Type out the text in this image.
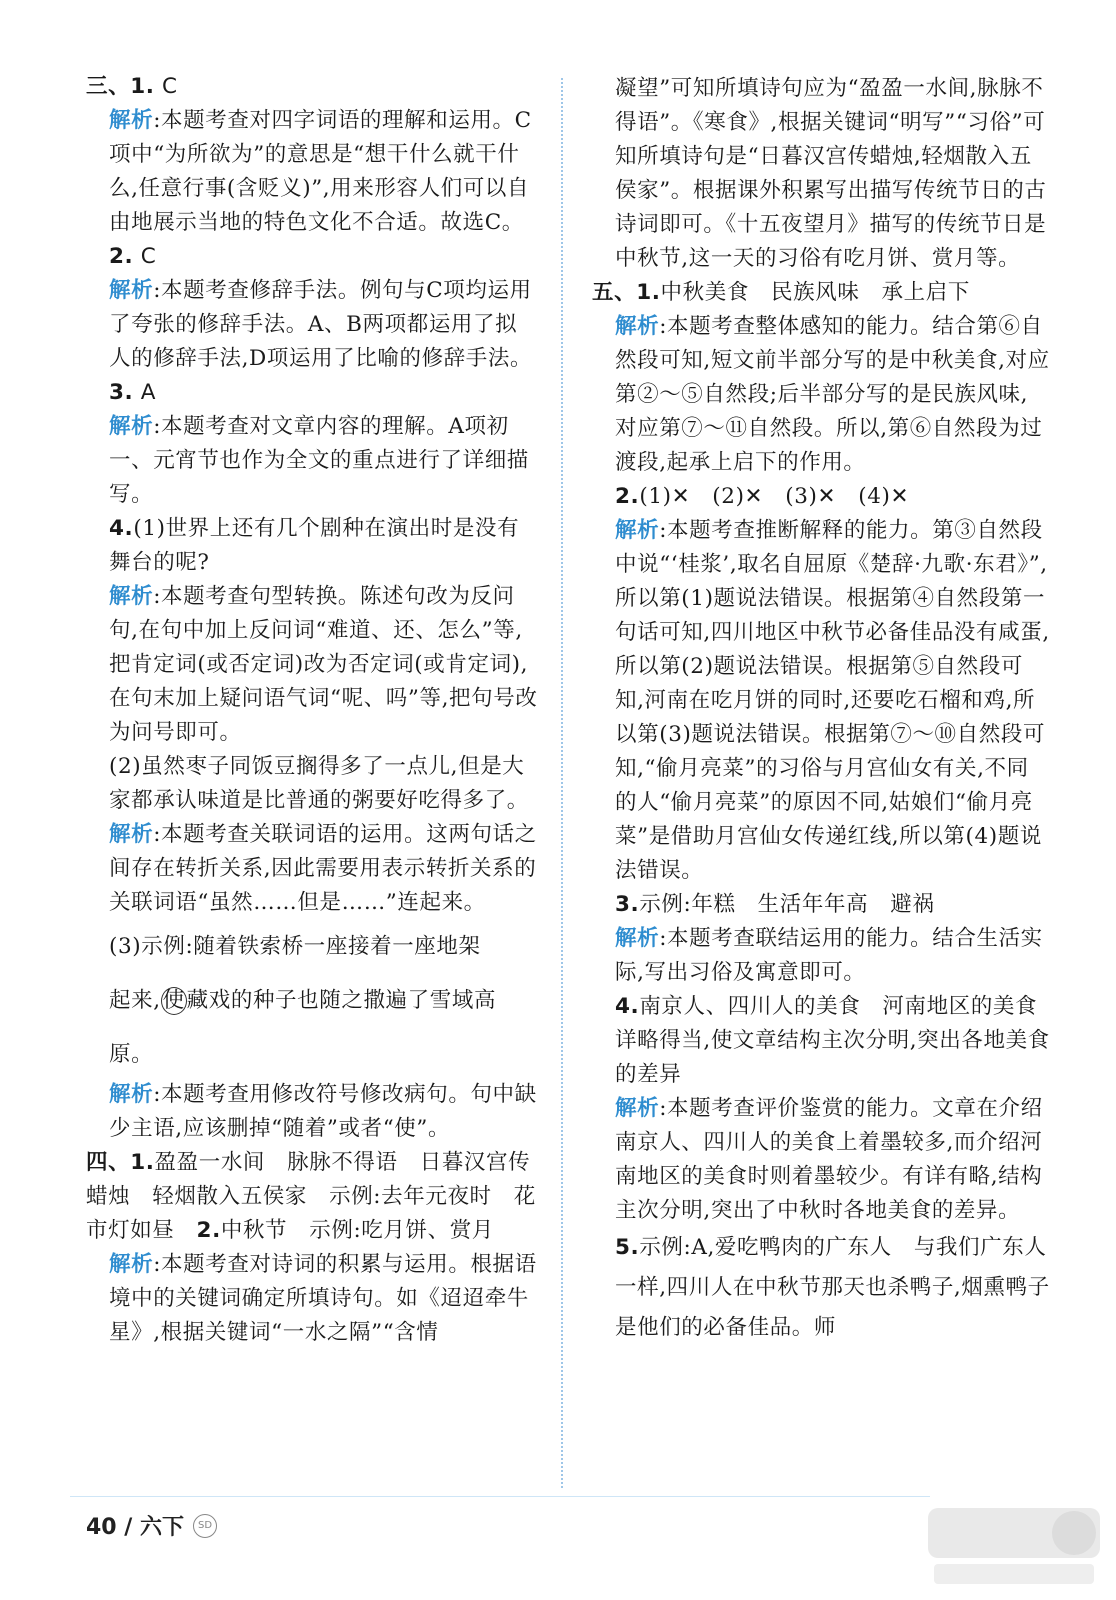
三、1. C

解析:本题考查对四字词语的理解和运用。C项中“为所欲为”的意思是“想干什么就干什么,任意行事(含贬义)”,用来形容人们可以自由地展示当地的特色文化不合适。故选C。

2. C

解析:本题考查修辞手法。例句与C项均运用了夸张的修辞手法。A、B两项都运用了拟人的修辞手法,D项运用了比喻的修辞手法。

3. A

解析:本题考查对文章内容的理解。A项初一、元宵节也作为全文的重点进行了详细描写。

4.(1)世界上还有几个剧种在演出时是没有舞台的呢?

解析:本题考查句型转换。陈述句改为反问句,在句中加上反问词“难道、还、怎么”等,把肯定词(或否定词)改为否定词(或肯定词),在句末加上疑问语气词“呢、吗”等,把句号改为问号即可。

(2)虽然枣子同饭豆搁得多了一点儿,但是大家都承认味道是比普通的粥要好吃得多了。

解析:本题考查关联词语的运用。这两句话之间存在转折关系,因此需要用表示转折关系的关联词语“虽然……但是……”连起来。

(3)示例:随着铁索桥一座接着一座地架
起来,
使藏戏的种子也随之撒遍了雪域高原。

解析:本题考查用修改符号修改病句。句中缺少主语,应该删掉“随着”或者“使”。

四、1.盈盈一水间　脉脉不得语　日暮汉宫传蜡烛　轻烟散入五侯家　示例:去年元夜时　花市灯如昼　2.中秋节　示例:吃月饼、赏月

解析:本题考查对诗词的积累与运用。根据语境中的关键词确定所填诗句。如《迢迢牵牛星》,根据关键词“一水之隔”“含情

凝望”可知所填诗句应为“盈盈一水间,脉脉不得语”。《寒食》,根据关键词“明写”“习俗”可知所填诗句是“日暮汉宫传蜡烛,轻烟散入五侯家”。根据课外积累写出描写传统节日的古诗词即可。《十五夜望月》描写的传统节日是中秋节,这一天的习俗有吃月饼、赏月等。

五、1.中秋美食　民族风味　承上启下

解析:本题考查整体感知的能力。结合第⑥自然段可知,短文前半部分写的是中秋美食,对应第②～⑤自然段;后半部分写的是民族风味,对应第⑦～⑪自然段。所以,第⑥自然段为过渡段,起承上启下的作用。

2.(1)✕　(2)✕　(3)✕　(4)✕

解析:本题考查推断解释的能力。第③自然段中说“‘桂浆’,取名自屈原《楚辞·九歌·东君》”,所以第(1)题说法错误。根据第④自然段第一句话可知,四川地区中秋节必备佳品没有咸蛋,所以第(2)题说法错误。根据第⑤自然段可知,河南在吃月饼的同时,还要吃石榴和鸡,所以第(3)题说法错误。根据第⑦～⑩自然段可知,“偷月亮菜”的习俗与月宫仙女有关,不同的人“偷月亮菜”的原因不同,姑娘们“偷月亮菜”是借助月宫仙女传递红线,所以第(4)题说法错误。

3.示例:年糕　生活年年高　避祸

解析:本题考查联结运用的能力。结合生活实际,写出习俗及寓意即可。

4.南京人、四川人的美食　河南地区的美食　详略得当,使文章结构主次分明,突出各地美食的差异

解析:本题考查评价鉴赏的能力。文章在介绍南京人、四川人的美食上着墨较多,而介绍河南地区的美食时则着墨较少。有详有略,结构主次分明,突出了中秋时各地美食的差异。

5.示例:A,爱吃鸭肉的广东人　与我们广东人一样,四川人在中秋节那天也杀鸭子,烟熏鸭子是他们的必备佳品。师

40 / 六下	SD
